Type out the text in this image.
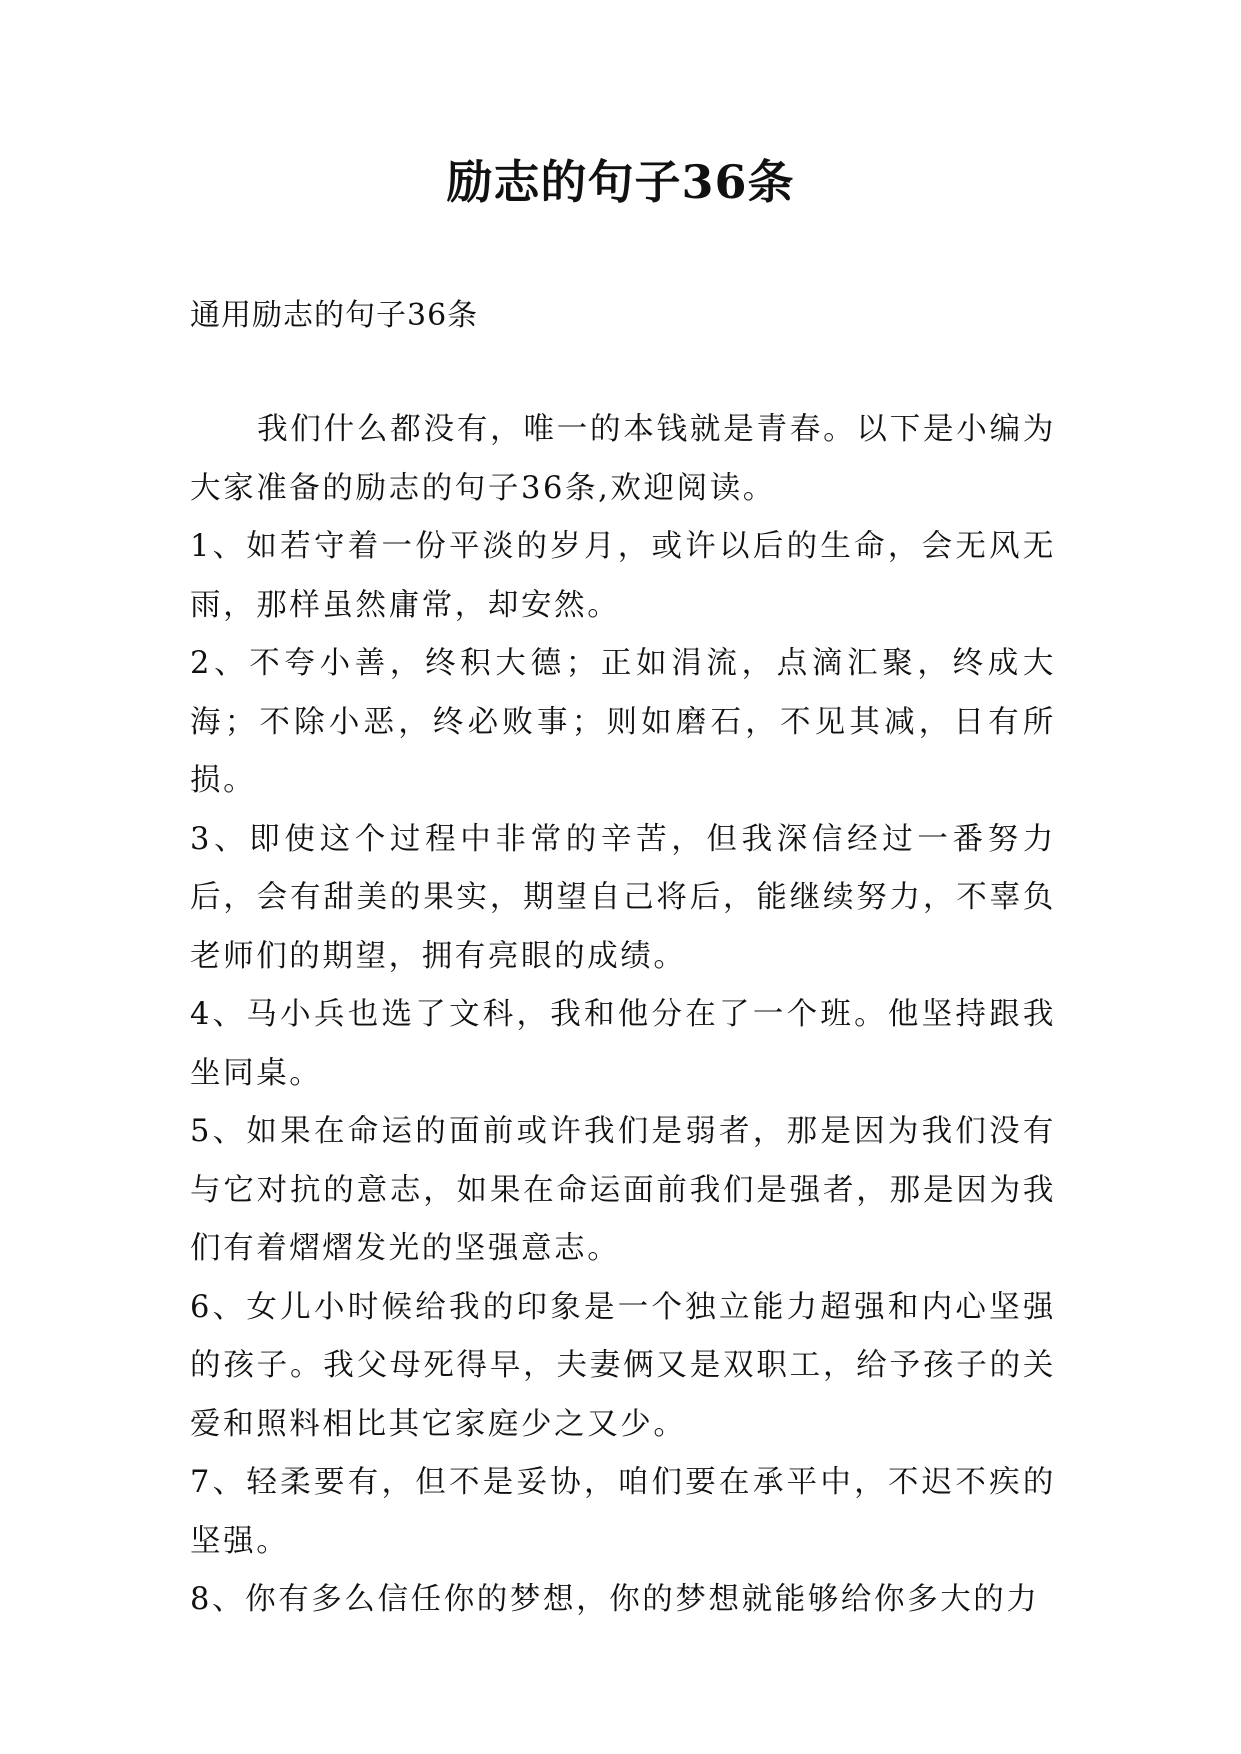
励志的句子36条

通用励志的句子36条

我们什么都没有，唯一的本钱就是青春。以下是小编为大家准备的励志的句子36条,欢迎阅读。

1、如若守着一份平淡的岁月，或许以后的生命，会无风无雨，那样虽然庸常，却安然。

2、不夸小善，终积大德；正如涓流，点滴汇聚，终成大海；不除小恶，终必败事；则如磨石，不见其减，日有所损。

3、即使这个过程中非常的辛苦，但我深信经过一番努力后，会有甜美的果实，期望自己将后，能继续努力，不辜负老师们的期望，拥有亮眼的成绩。

4、马小兵也选了文科，我和他分在了一个班。他坚持跟我坐同桌。

5、如果在命运的面前或许我们是弱者，那是因为我们没有与它对抗的意志，如果在命运面前我们是强者，那是因为我们有着熠熠发光的坚强意志。

6、女儿小时候给我的印象是一个独立能力超强和内心坚强的孩子。我父母死得早，夫妻俩又是双职工，给予孩子的关爱和照料相比其它家庭少之又少。

7、轻柔要有，但不是妥协，咱们要在承平中，不迟不疾的坚强。

8、你有多么信任你的梦想，你的梦想就能够给你多大的力
